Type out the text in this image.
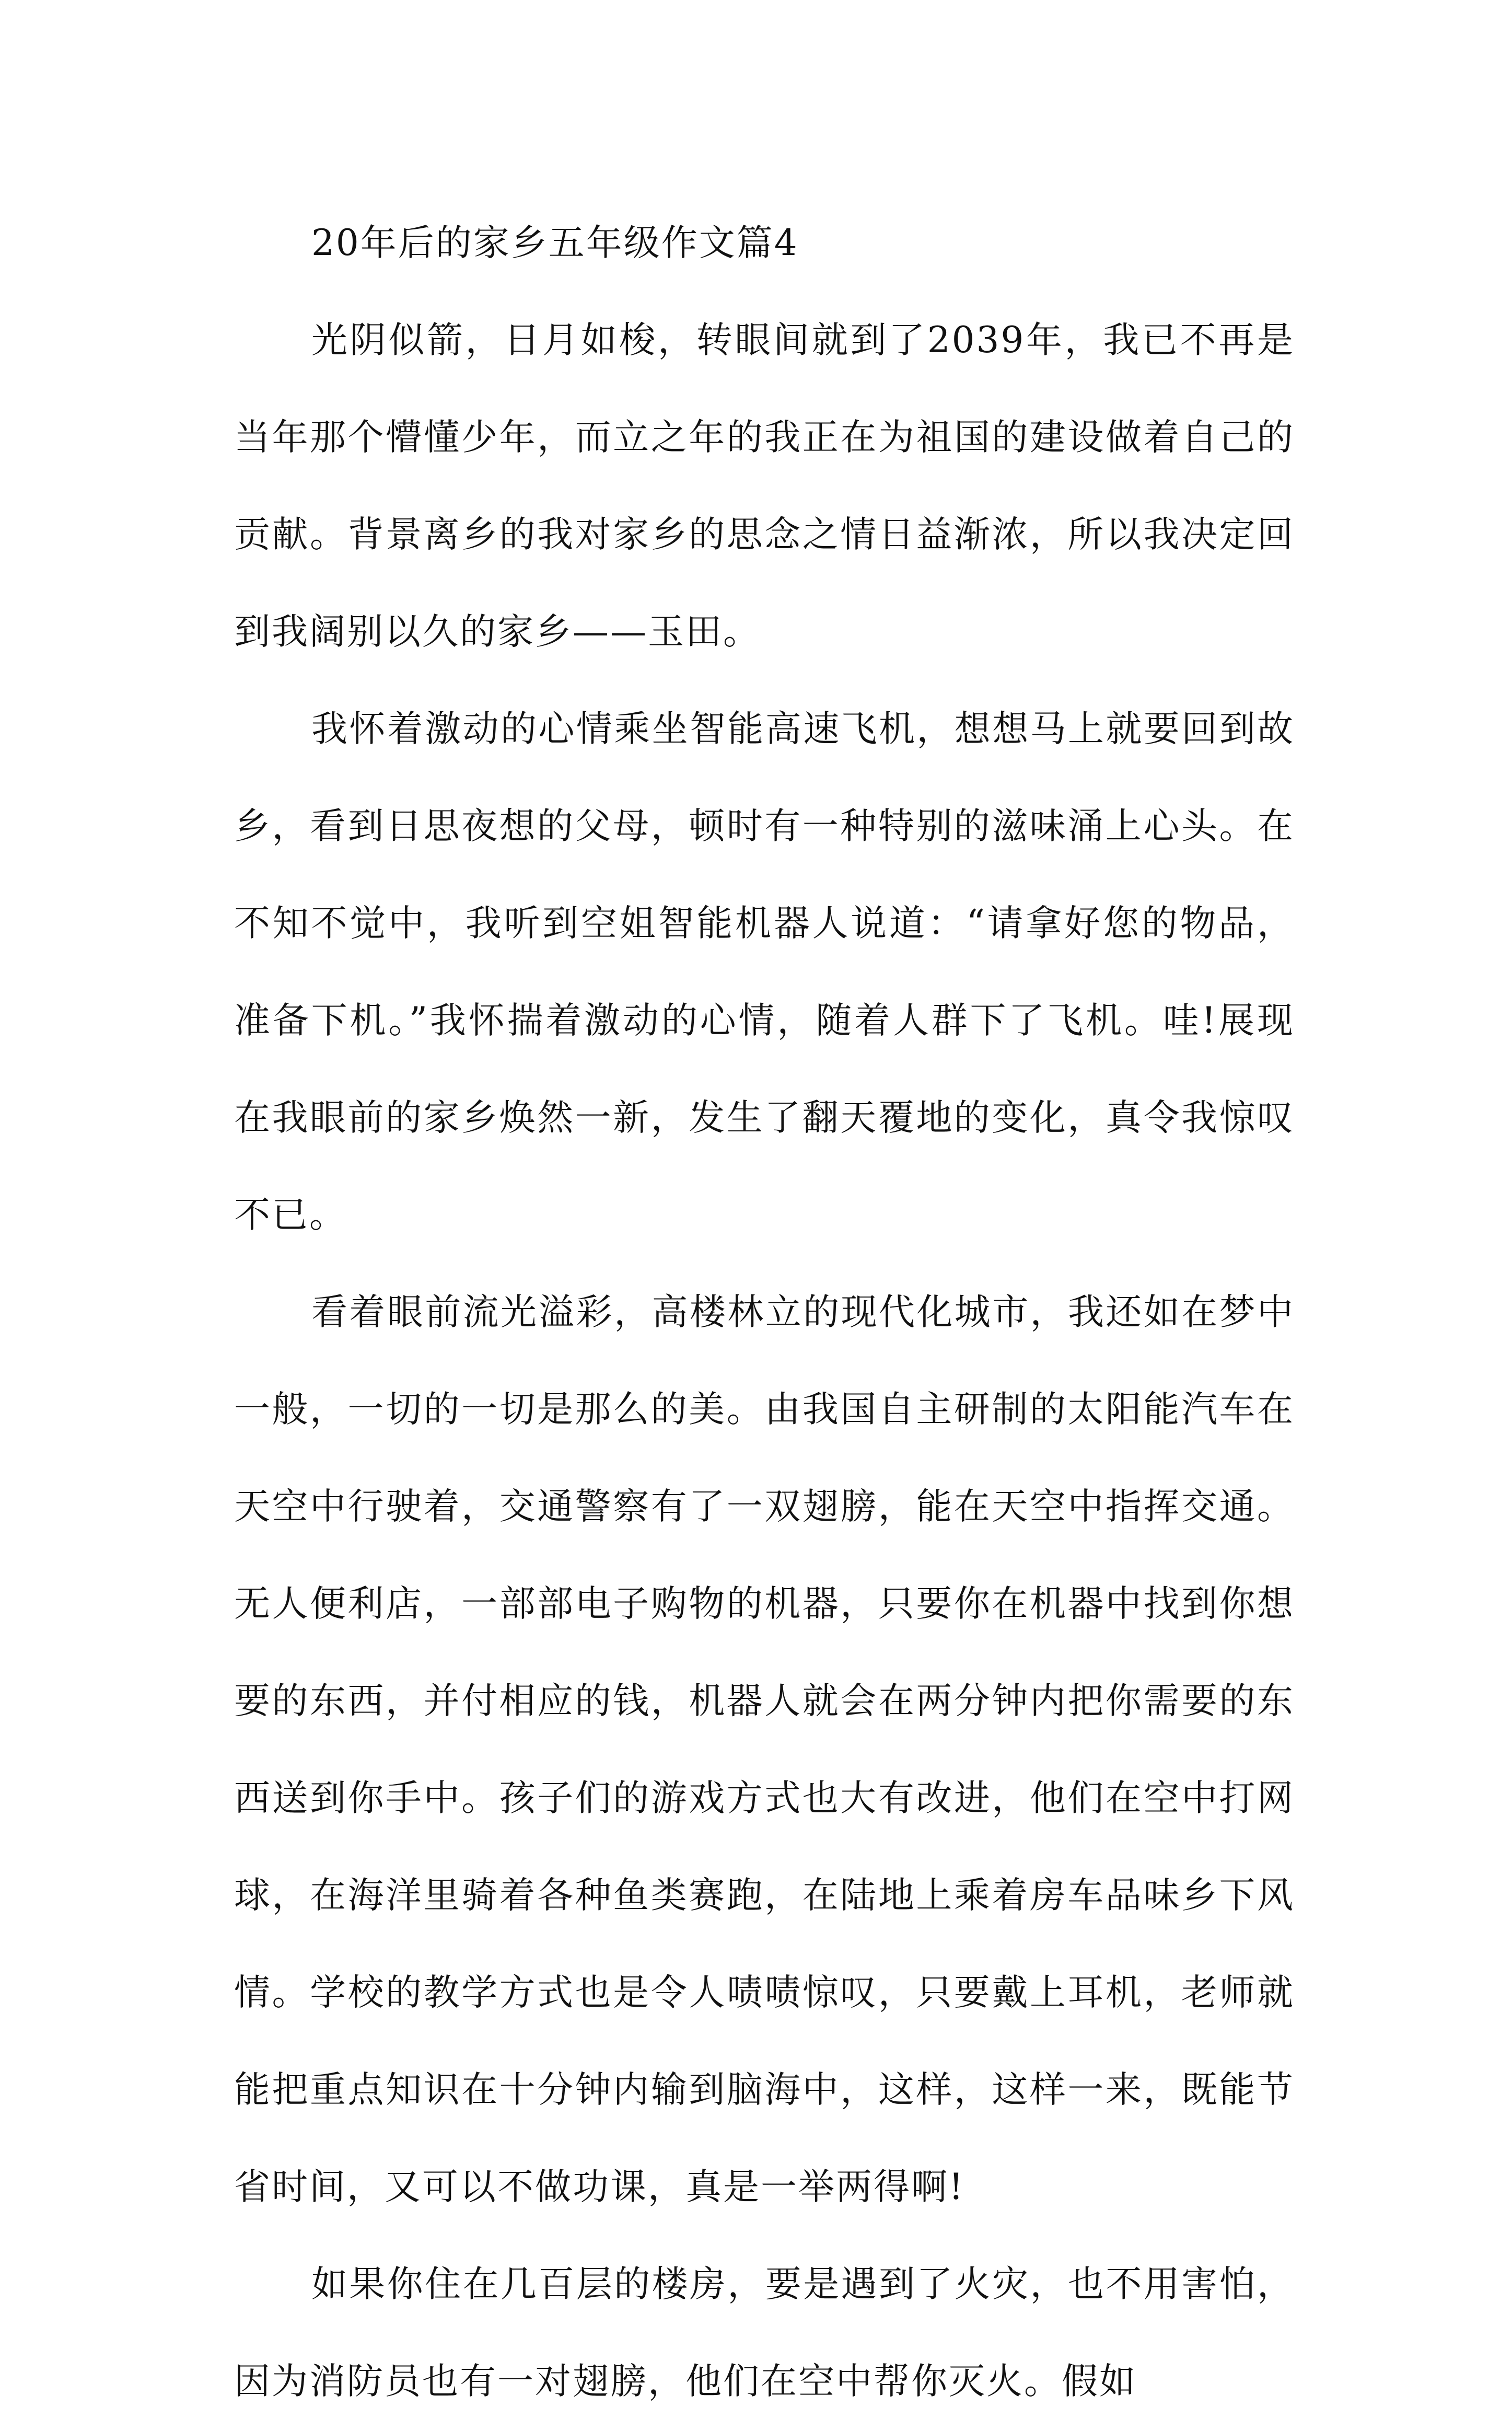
20年后的家乡五年级作文篇4

光阴似箭，日月如梭，转眼间就到了2039年，我已不再是当年那个懵懂少年，而立之年的我正在为祖国的建设做着自己的贡献。背景离乡的我对家乡的思念之情日益渐浓，所以我决定回到我阔别以久的家乡——玉田。

我怀着激动的心情乘坐智能高速飞机，想想马上就要回到故乡，看到日思夜想的父母，顿时有一种特别的滋味涌上心头。在不知不觉中，我听到空姐智能机器人说道：“请拿好您的物品，准备下机。”我怀揣着激动的心情，随着人群下了飞机。哇!展现在我眼前的家乡焕然一新，发生了翻天覆地的变化，真令我惊叹不已。

看着眼前流光溢彩，高楼林立的现代化城市，我还如在梦中一般，一切的一切是那么的美。由我国自主研制的太阳能汽车在天空中行驶着，交通警察有了一双翅膀，能在天空中指挥交通。无人便利店，一部部电子购物的机器，只要你在机器中找到你想要的东西，并付相应的钱，机器人就会在两分钟内把你需要的东西送到你手中。孩子们的游戏方式也大有改进，他们在空中打网球，在海洋里骑着各种鱼类赛跑，在陆地上乘着房车品味乡下风情。学校的教学方式也是令人啧啧惊叹，只要戴上耳机，老师就能把重点知识在十分钟内输到脑海中，这样，这样一来，既能节省时间，又可以不做功课，真是一举两得啊!

如果你住在几百层的楼房，要是遇到了火灾，也不用害怕，因为消防员也有一对翅膀，他们在空中帮你灭火。假如
